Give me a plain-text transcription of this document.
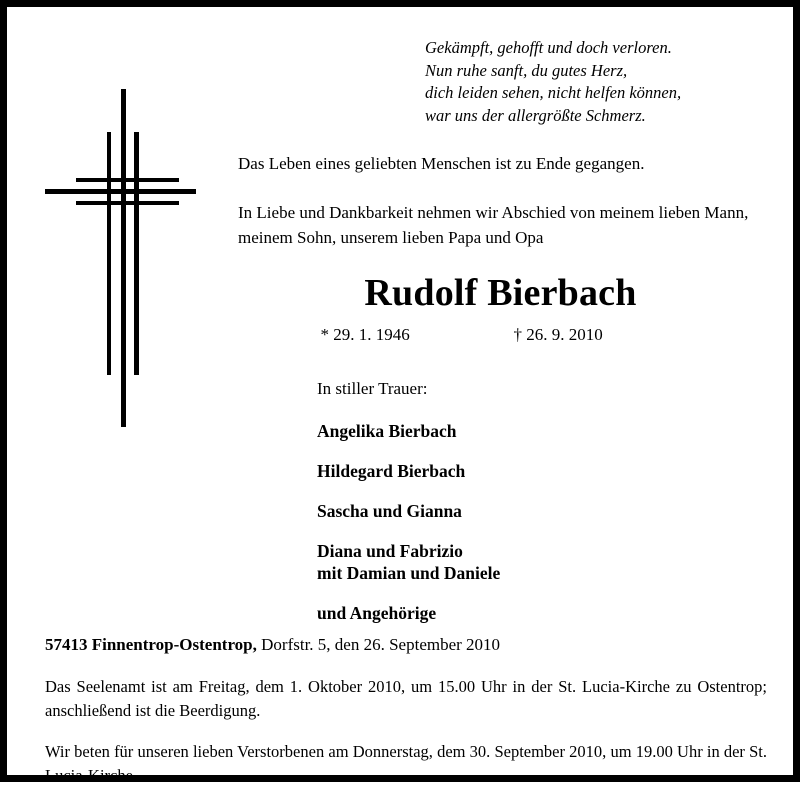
Gekämpft, gehofft und doch verloren.
Nun ruhe sanft, du gutes Herz,
dich leiden sehen, nicht helfen können,
war uns der allergrößte Schmerz.

Das Leben eines geliebten Menschen ist zu Ende gegangen.

In Liebe und Dankbarkeit nehmen wir Abschied von meinem lieben Mann, meinem Sohn, unserem lieben Papa und Opa

Rudolf Bierbach
* 29. 1. 1946	† 26. 9. 2010
In stiller Trauer:
Angelika Bierbach
Hildegard Bierbach
Sascha und Gianna
Diana und Fabrizio
mit Damian und Daniele
und Angehörige
57413 Finnentrop-Ostentrop, Dorfstr. 5, den 26. September 2010
Das Seelenamt ist am Freitag, dem 1. Oktober 2010, um 15.00 Uhr in der St. Lucia-Kirche zu Ostentrop; anschließend ist die Beerdigung.
Wir beten für unseren lieben Verstorbenen am Donnerstag, dem 30. September 2010, um 19.00 Uhr in der St. Lucia-Kirche.
